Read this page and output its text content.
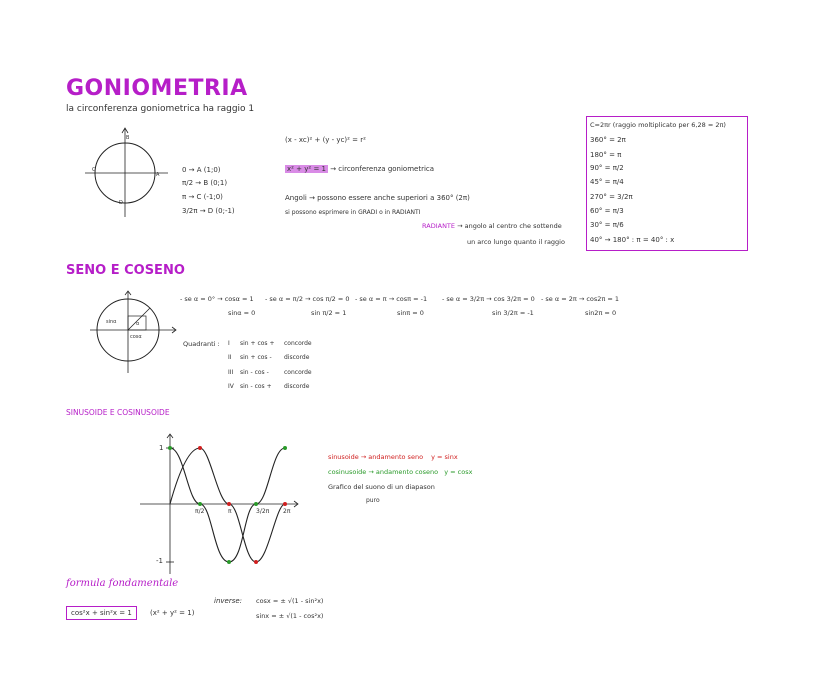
GONIOMETRIA
la circonferenza goniometrica ha raggio 1
B
A
C
D
0 → A (1;0)
π/2 → B (0;1)
π → C (-1;0)
3/2π → D (0;-1)
(x - xc)² + (y - yc)² = r²
x² + y² = 1 → circonferenza goniometrica
Angoli → possono essere anche superiori a 360° (2π)
si possono esprimere in GRADI o in RADIANTI
RADIANTE → angolo al centro che sottende
un arco lungo quanto il raggio
C=2πr (raggio moltiplicato per 6,28 = 2π)
360° = 2π
180° = π
90° = π/2
45° = π/4
270° = 3/2π
60° = π/3
30° = π/6
40° → 180° : π = 40° : x
SENO E COSENO
sinα
cosα
α
- se α = 0° → cosα = 1
sinα = 0
- se α = π/2 → cos π/2 = 0
sin π/2 = 1
- se α = π → cosπ = -1
sinπ = 0
- se α = 3/2π → cos 3/2π = 0
sin 3/2π = -1
- se α = 2π → cos2π = 1
sin2π = 0
Quadranti : I sin + cos + concorde
II sin + cos - discorde
III sin - cos -	concorde
IV sin - cos + discorde
SINUSOIDE E COSINUSOIDE
1
-1
π/2	π	3/2π 2π
sinusoide → andamento seno y = sinx
cosinusoide → andamento coseno y = cosx
Grafico del suono di un diapason
puro
formula fondamentale
cos²x + sin²x = 1	(x² + y² = 1)
inverse: cosx = ± √(1 - sin²x)
sinx = ± √(1 - cos²x)
